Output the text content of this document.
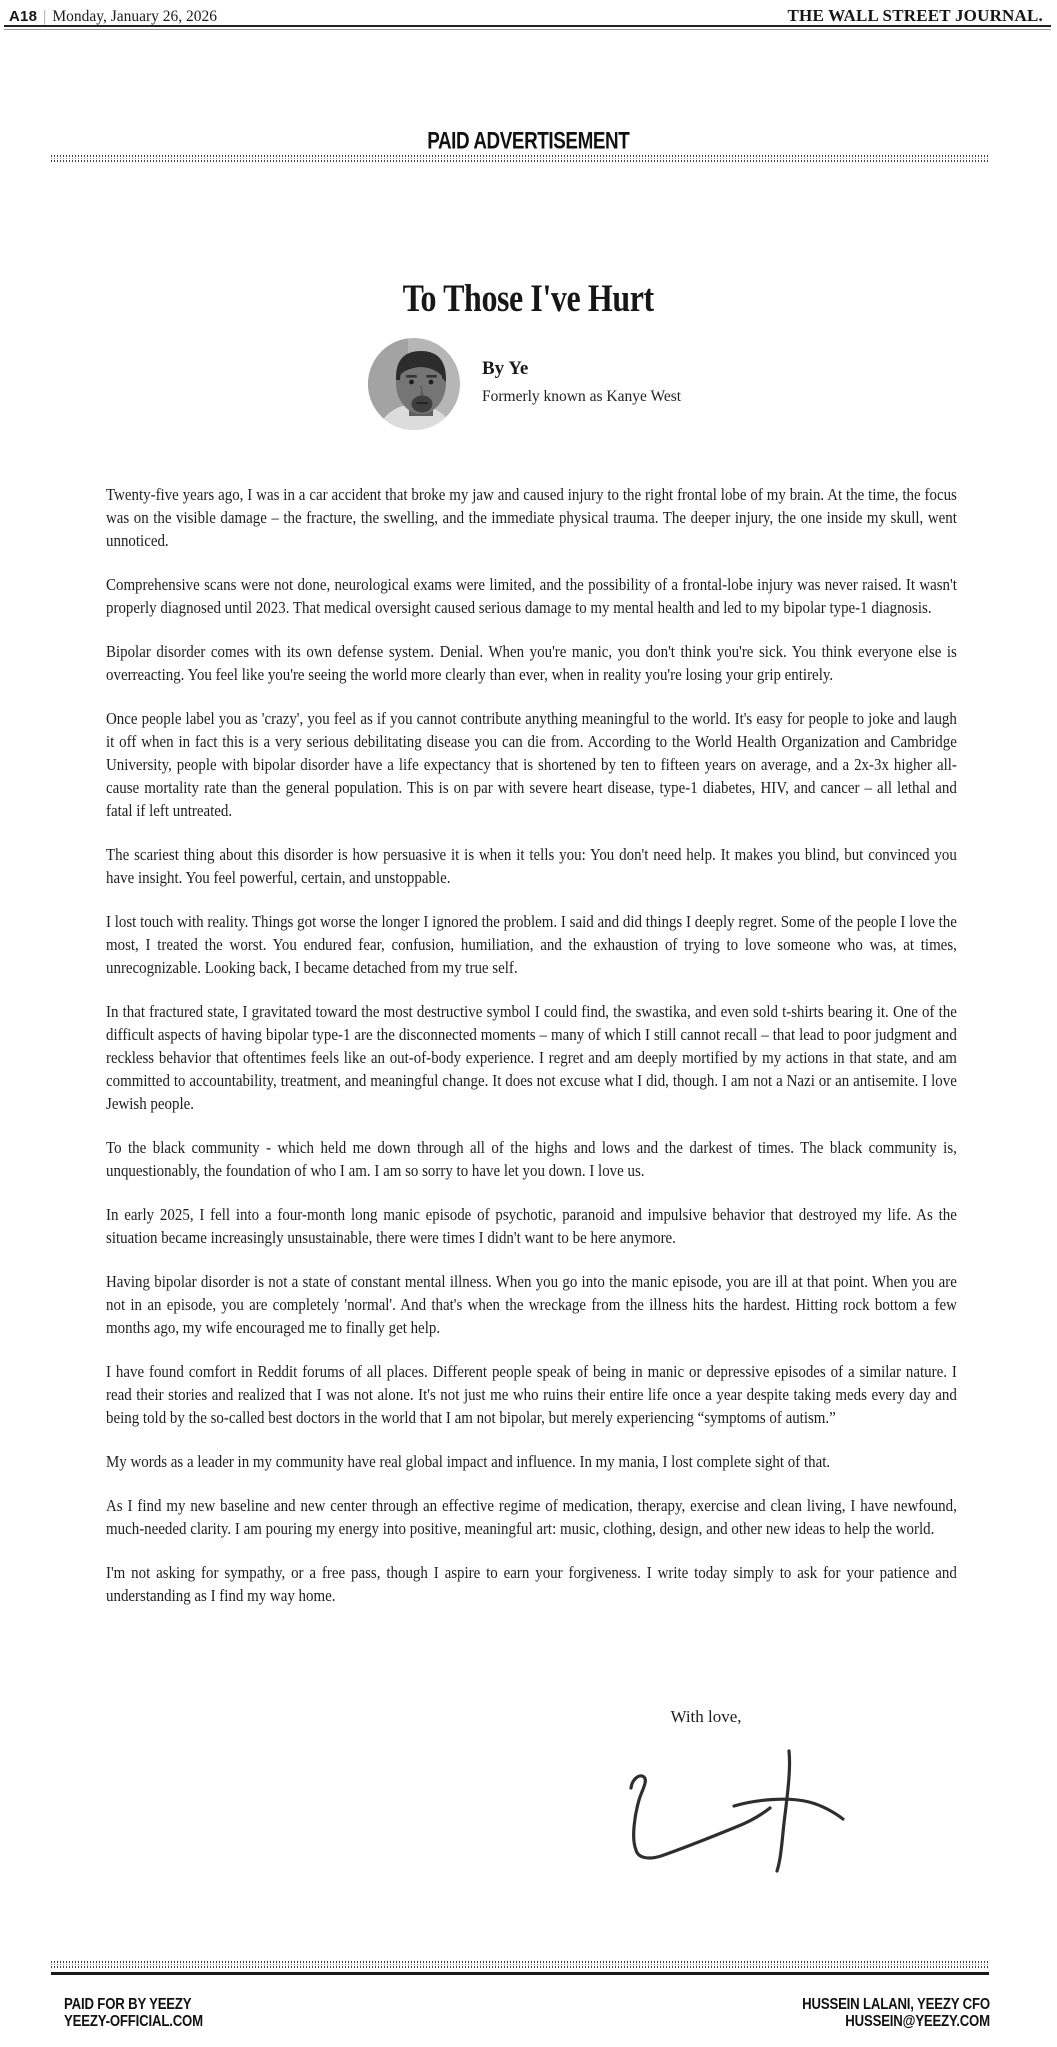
A18 | Monday, January 26, 2026	THE WALL STREET JOURNAL.
PAID ADVERTISEMENT
To Those I've Hurt
By Ye
Formerly known as Kanye West

Twenty-five years ago, I was in a car accident that broke my jaw and caused injury to the right frontal lobe of my brain. At the time, the focus was on the visible damage – the fracture, the swelling, and the immediate physical trauma. The deeper injury, the one inside my skull, went unnoticed.

Comprehensive scans were not done, neurological exams were limited, and the possibility of a frontal-lobe injury was never raised. It wasn't properly diagnosed until 2023. That medical oversight caused serious damage to my mental health and led to my bipolar type-1 diagnosis.

Bipolar disorder comes with its own defense system. Denial. When you're manic, you don't think you're sick. You think everyone else is overreacting. You feel like you're seeing the world more clearly than ever, when in reality you're losing your grip entirely.

Once people label you as 'crazy', you feel as if you cannot contribute anything meaningful to the world. It's easy for people to joke and laugh it off when in fact this is a very serious debilitating disease you can die from. According to the World Health Organization and Cambridge University, people with bipolar disorder have a life expectancy that is shortened by ten to fifteen years on average, and a 2x-3x higher all-cause mortality rate than the general population. This is on par with severe heart disease, type-1 diabetes, HIV, and cancer – all lethal and fatal if left untreated.

The scariest thing about this disorder is how persuasive it is when it tells you: You don't need help. It makes you blind, but convinced you have insight. You feel powerful, certain, and unstoppable.

I lost touch with reality. Things got worse the longer I ignored the problem. I said and did things I deeply regret. Some of the people I love the most, I treated the worst. You endured fear, confusion, humiliation, and the exhaustion of trying to love someone who was, at times, unrecognizable. Looking back, I became detached from my true self.

In that fractured state, I gravitated toward the most destructive symbol I could find, the swastika, and even sold t-shirts bearing it. One of the difficult aspects of having bipolar type-1 are the disconnected moments – many of which I still cannot recall – that lead to poor judgment and reckless behavior that oftentimes feels like an out-of-body experience. I regret and am deeply mortified by my actions in that state, and am committed to accountability, treatment, and meaningful change. It does not excuse what I did, though. I am not a Nazi or an antisemite. I love Jewish people.

To the black community - which held me down through all of the highs and lows and the darkest of times. The black community is, unquestionably, the foundation of who I am. I am so sorry to have let you down. I love us.

In early 2025, I fell into a four-month long manic episode of psychotic, paranoid and impulsive behavior that destroyed my life. As the situation became increasingly unsustainable, there were times I didn't want to be here anymore.

Having bipolar disorder is not a state of constant mental illness. When you go into the manic episode, you are ill at that point. When you are not in an episode, you are completely 'normal'. And that's when the wreckage from the illness hits the hardest. Hitting rock bottom a few months ago, my wife encouraged me to finally get help.

I have found comfort in Reddit forums of all places. Different people speak of being in manic or depressive episodes of a similar nature. I read their stories and realized that I was not alone. It's not just me who ruins their entire life once a year despite taking meds every day and being told by the so-called best doctors in the world that I am not bipolar, but merely experiencing “symptoms of autism.”

My words as a leader in my community have real global impact and influence. In my mania, I lost complete sight of that.

As I find my new baseline and new center through an effective regime of medication, therapy, exercise and clean living, I have newfound, much-needed clarity. I am pouring my energy into positive, meaningful art: music, clothing, design, and other new ideas to help the world.

I'm not asking for sympathy, or a free pass, though I aspire to earn your forgiveness. I write today simply to ask for your patience and understanding as I find my way home.

With love,
PAID FOR BY YEEZY
YEEZY-OFFICIAL.COM
HUSSEIN LALANI, YEEZY CFO
HUSSEIN@YEEZY.COM
